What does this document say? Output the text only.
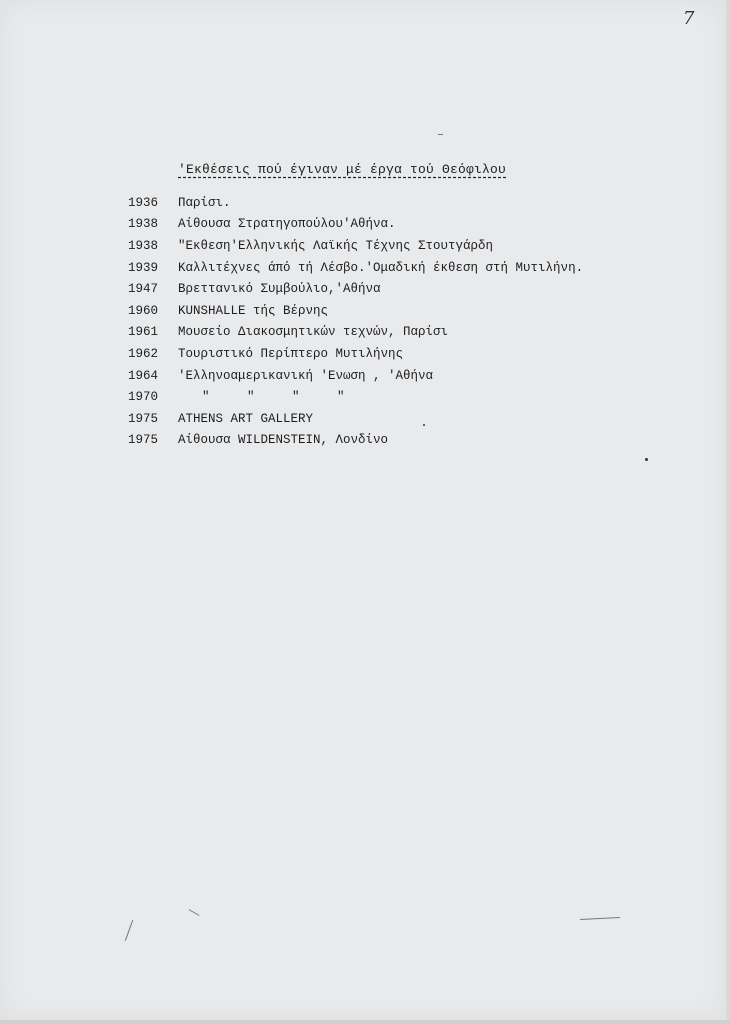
7
'Εκθέσεις πού έγιναν μέ έργα τού Θεόφιλου
1936	Παρίσι.
1938	Αίθουσα Στρατηγοπούλου'Αθήνα.
1938	"Εκθεση'Ελληνικής Λαϊκής Τέχνης Στουτγάρδη
1939	Καλλιτέχνες άπό τή Λέσβο.'Ομαδική έκθεση στή Μυτιλήνη.
1947	Βρεττανικό Συμβούλιο,'Αθήνα
1960	KUNSHALLE τής Βέρνης
1961	Μουσείο Διακοσμητικών τεχνών, Παρίσι
1962	Τουριστικό Περίπτερο Μυτιλήνης
1964	'Ελληνοαμερικανική 'Ενωση , 'Αθήνα
1970	"     "     "     "
1975	ATHENS ART GALLERY
1975	Αίθουσα WILDENSTEIN, Λονδίνο
